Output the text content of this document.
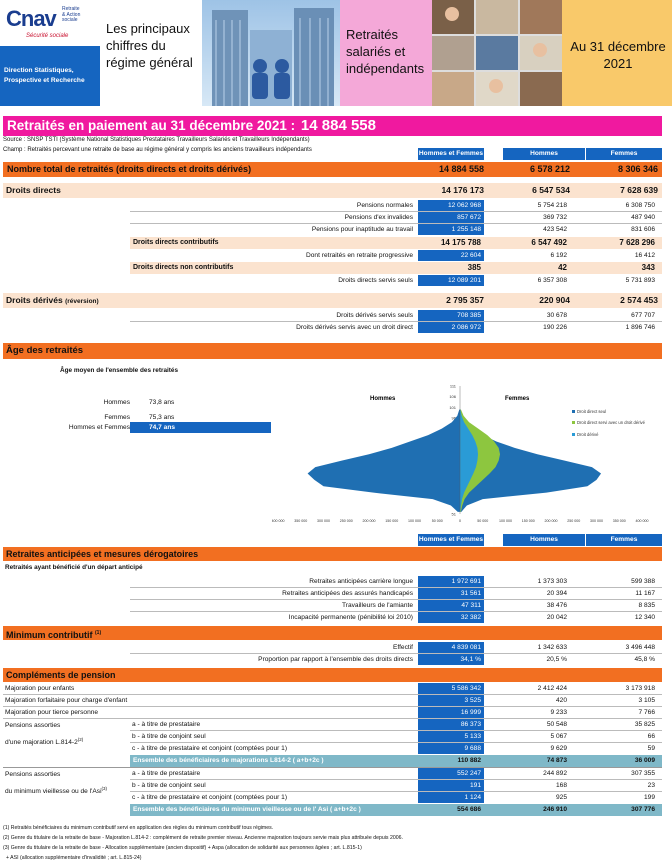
Cnav Retraite
& Action
sociale
Sécurité sociale
Direction Statistiques, Prospective et Recherche
Les principaux chiffres du régime général
Retraités salariés et indépendants
Au 31 décembre 2021
Retraités en paiement au 31 décembre 2021 : 14 884 558
Source : SNSP TSTI (Système National Statistiques Prestataires Travailleurs Salariés et Travailleurs Indépendants)
Champ : Retraités percevant une retraite de base au régime général y compris les anciens travailleurs indépendants	Hommes et Femmes	Hommes	Femmes
Nombre total de retraités (droits directs et droits dérivés)	14 884 558	6 578 212	8 306 346
Droits directs	14 176 173	6 547 534	7 628 639
Pensions normales	12 062 968	5 754 218	6 308 750
Pensions d'ex invalides	857 672	369 732	487 940
Pensions pour inaptitude au travail	1 255 148	423 542	831 606
Droits directs contributifs	14 175 788	6 547 492	7 628 296
Dont retraités en retraite progressive	22 604	6 192	16 412
Droits directs non contributifs	385	42	343
Droits directs servis seuls	12 089 201	6 357 308	5 731 893
Droits dérivés (réversion)	2 795 357	220 904	2 574 453
Droits dérivés servis seuls	708 385	30 678	677 707
Droits dérivés servis avec un droit direct	2 086 972	190 226	1 896 746
Âge des retraités
Âge moyen de l'ensemble des retraités
Hommes	73,8 ans
Femmes	75,3 ans
Hommes et Femmes	74,7 ans
111
106
101
96
51
400 000	350 000	300 000	250 000	200 000	150 000	100 000	50 000	0	50 000	100 000	150 000	200 000	250 000	300 000	350 000	400 000
Hommes	Femmes
Droit direct seul
Droit direct servi avec un droit dérivé
Droit dérivé
Hommes et Femmes	Hommes	Femmes
Retraites anticipées et mesures dérogatoires
Retraités ayant bénéficié d'un départ anticipé
Retraites anticipées carrière longue	1 972 691	1 373 303	599 388
Retraites anticipées des assurés handicapés	31 561	20 394	11 167
Travailleurs de l'amiante	47 311	38 476	8 835
Incapacité permanente (pénibilité loi 2010)	32 382	20 042	12 340
Minimum contributif $^{(1)}$
Effectif	4 839 081	1 342 633	3 496 448
Proportion par rapport à l'ensemble des droits directs	34,1 %	20,5 %	45,8 %
Compléments de pension
Majoration pour enfants	5 586 342	2 412 424	3 173 918
Majoration forfaitaire pour charge d'enfant	3 525	420	3 105
Majoration pour tierce personne	16 999	9 233	7 766
Pensions assorties
d'une majoration L.814-2$^{(2)}$
a - à titre de prestataire	86 373	50 548	35 825
b - à titre de conjoint seul	5 133	5 067	66
c - à titre de prestataire et conjoint (comptées pour 1)	9 688	9 629	59
Ensemble des bénéficiaires de majorations L814-2 ( a+b+2c )	110 882	74 873	36 009
Pensions assorties
du minimum vieillesse ou de l'Asi$^{(3)}$
a - à titre de prestataire	552 247	244 892	307 355
b - à titre de conjoint seul	191	168	23
c - à titre de prestataire et conjoint (comptées pour 1)	1 124	925	199
Ensemble des bénéficiaires du minimum vieillesse ou de l' Asi ( a+b+2c )	554 686	246 910	307 776
(1) Retraités bénéficiaires du minimum contributif servi en application des règles du minimum contributif tous régimes.
(2) Genre du titulaire de la retraite de base - Majoration L.814-2 : complément de retraite premier niveau. Ancienne majoration toujours servie mais plus attribuée depuis 2006.
(3) Genre du titulaire de la retraite de base - Allocation supplémentaire (ancien dispositif) + Aspa (allocation de solidarité aux personnes âgées ; art. L.815-1)
+ ASI (allocation supplémentaire d'invalidité ; art. L.815-24)
